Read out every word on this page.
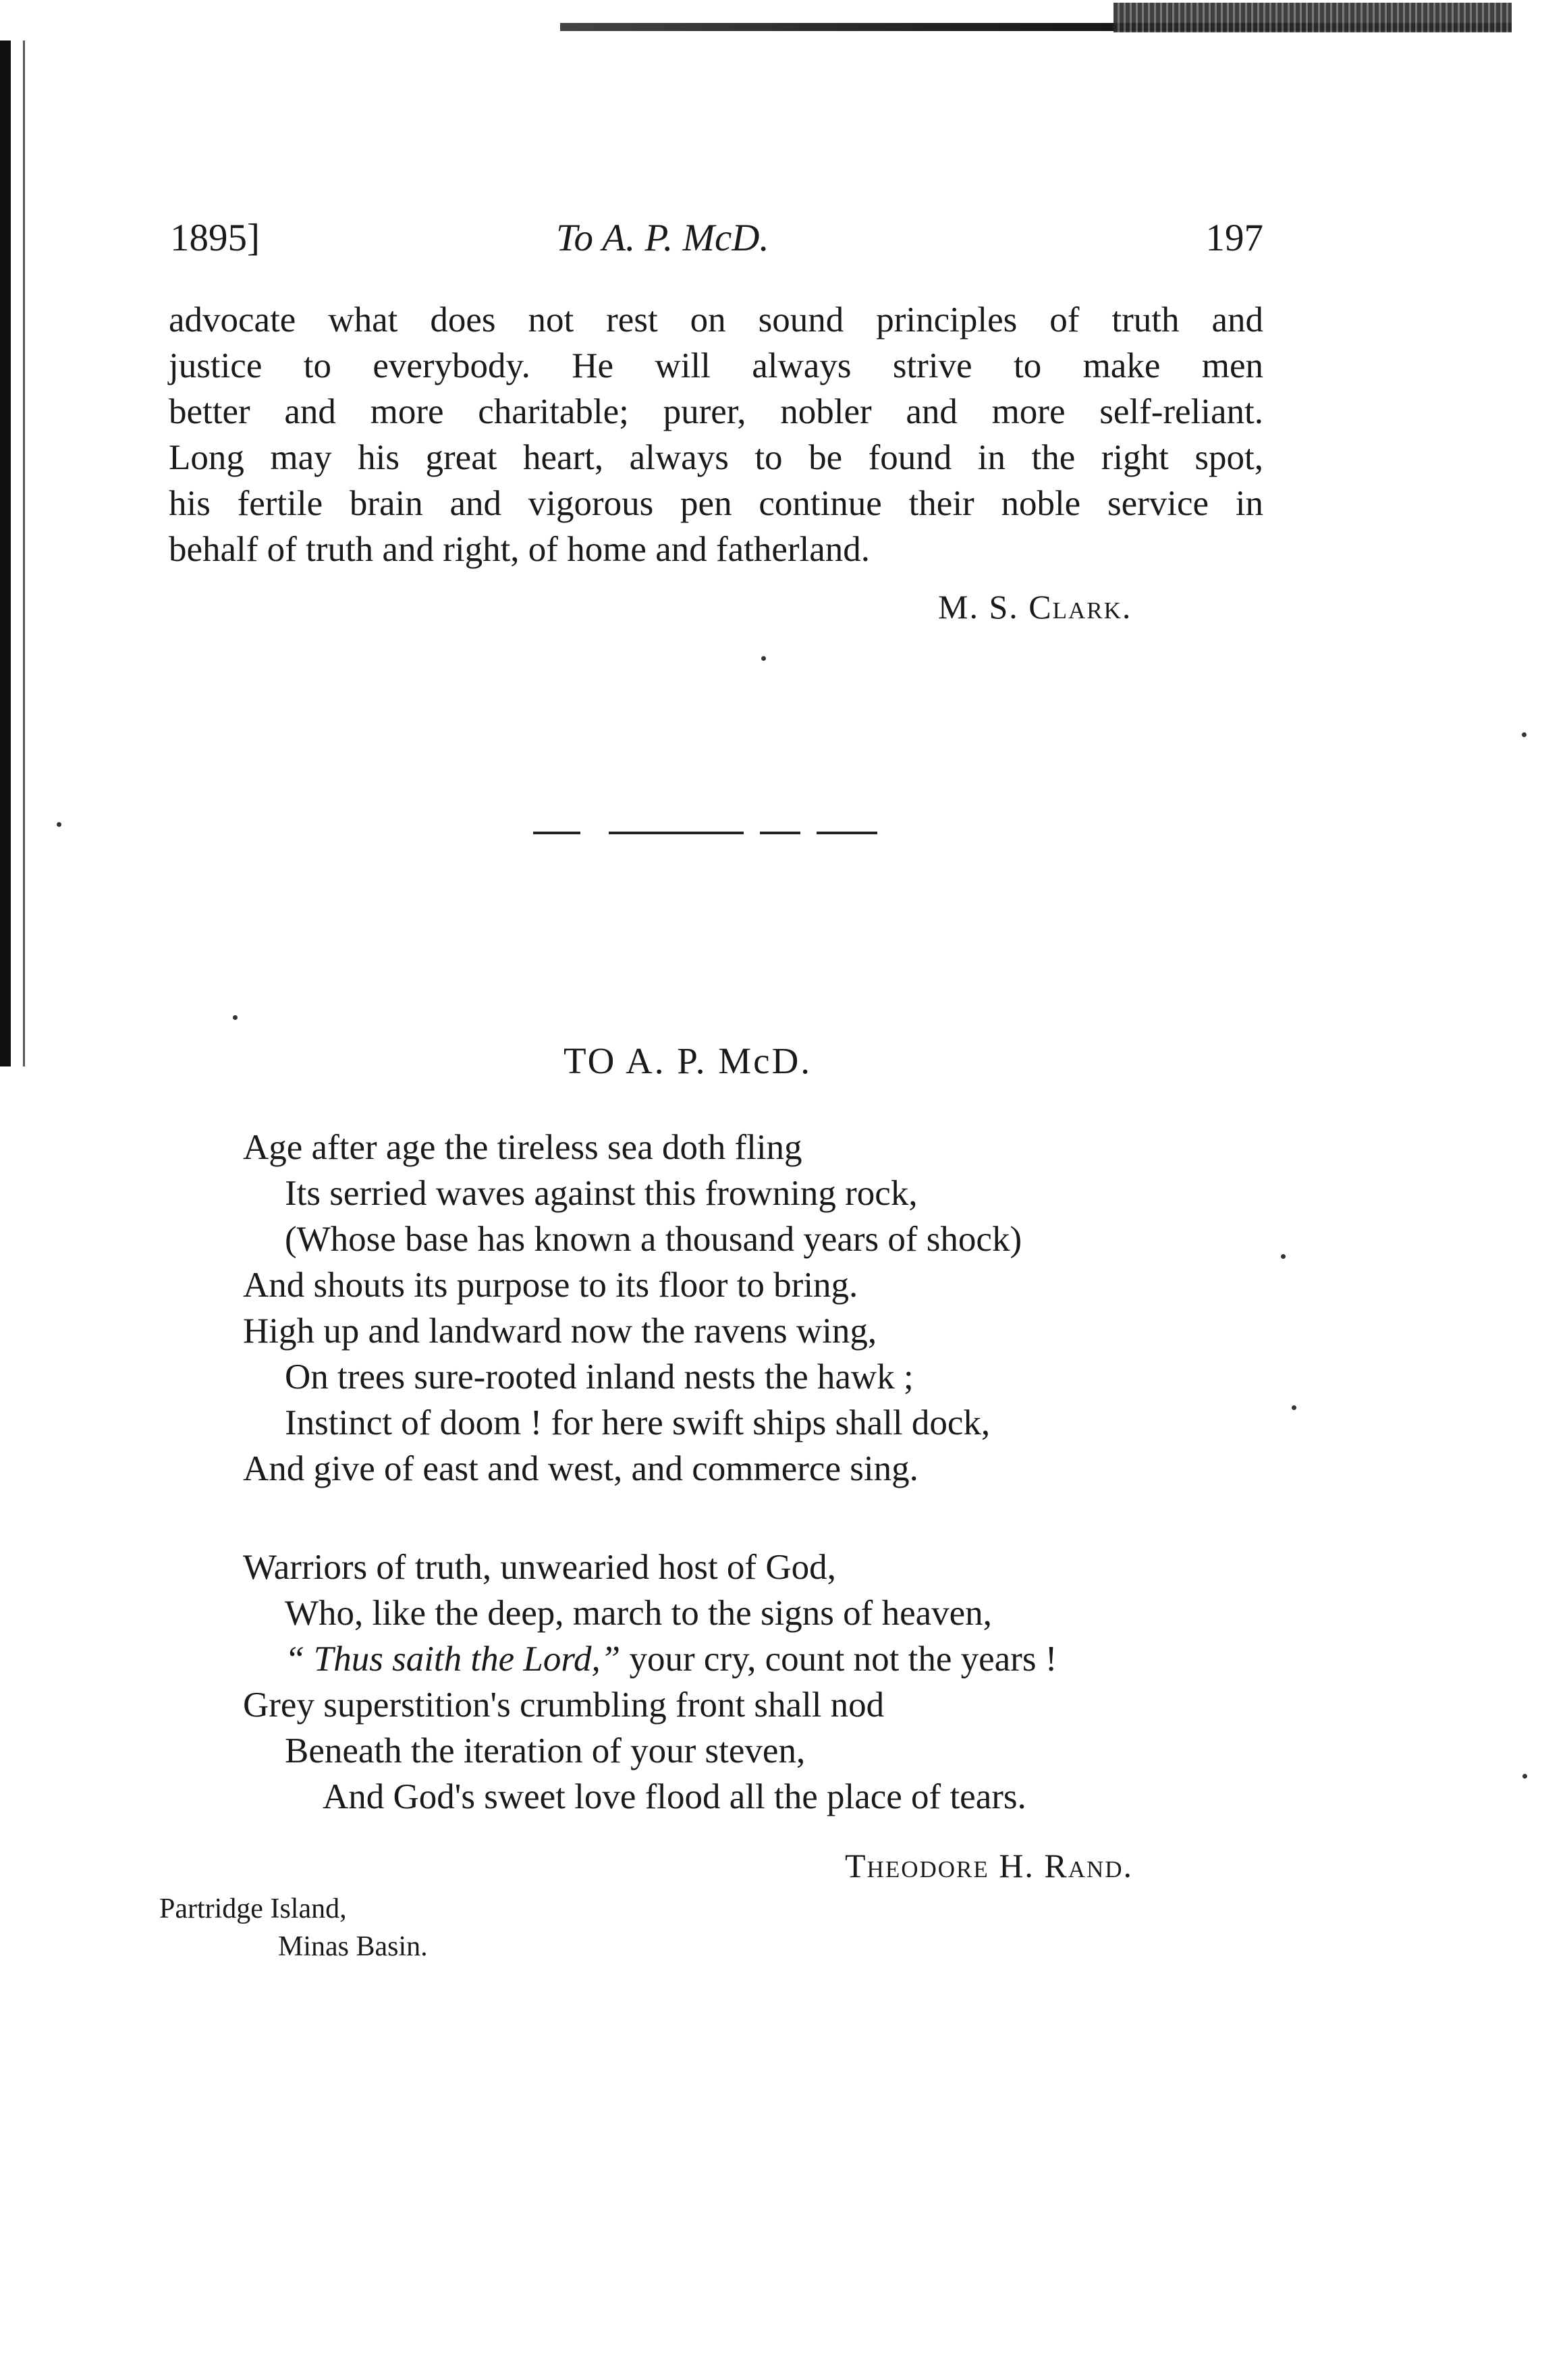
1895]	To A. P. McD.	197
advocate what does not rest on sound principles of truth and
justice to everybody. He will always strive to make men
better and more charitable; purer, nobler and more self-reliant.
Long may his great heart, always to be found in the right spot,
his fertile brain and vigorous pen continue their noble service in
behalf of truth and right, of home and fatherland.
M. S. Clark.
TO A. P. McD.
Age after age the tireless sea doth fling
Its serried waves against this frowning rock,
(Whose base has known a thousand years of shock)
And shouts its purpose to its floor to bring.
High up and landward now the ravens wing,
On trees sure-rooted inland nests the hawk ;
Instinct of doom ! for here swift ships shall dock,
And give of east and west, and commerce sing.
Warriors of truth, unwearied host of God,
Who, like the deep, march to the signs of heaven,
“ Thus saith the Lord,” your cry, count not the years !
Grey superstition's crumbling front shall nod
Beneath the iteration of your steven,
And God's sweet love flood all the place of tears.
Theodore H. Rand.
Partridge Island,
Minas Basin.
